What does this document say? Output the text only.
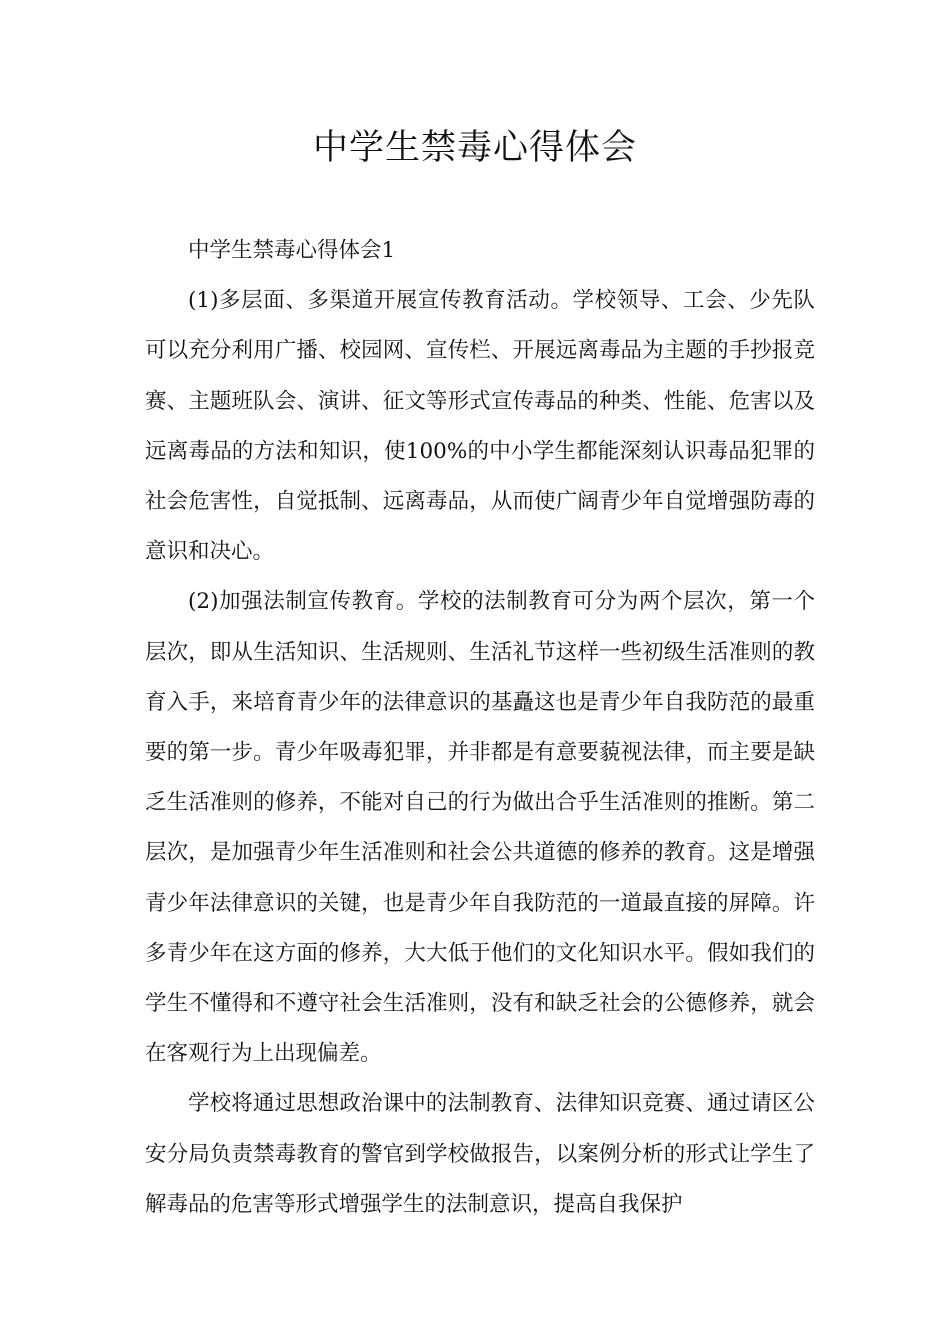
中学生禁毒心得体会

中学生禁毒心得体会1

(1)多层面、多渠道开展宣传教育活动。学校领导、工会、少先队可以充分利用广播、校园网、宣传栏、开展远离毒品为主题的手抄报竞赛、主题班队会、演讲、征文等形式宣传毒品的种类、性能、危害以及远离毒品的方法和知识，使100%的中小学生都能深刻认识毒品犯罪的社会危害性，自觉抵制、远离毒品，从而使广阔青少年自觉增强防毒的意识和决心。

(2)加强法制宣传教育。学校的法制教育可分为两个层次，第一个层次，即从生活知识、生活规则、生活礼节这样一些初级生活准则的教育入手，来培育青少年的法律意识的基矗这也是青少年自我防范的最重要的第一步。青少年吸毒犯罪，并非都是有意要藐视法律，而主要是缺乏生活准则的修养，不能对自己的行为做出合乎生活准则的推断。第二层次，是加强青少年生活准则和社会公共道德的修养的教育。这是增强青少年法律意识的关键，也是青少年自我防范的一道最直接的屏障。许多青少年在这方面的修养，大大低于他们的文化知识水平。假如我们的学生不懂得和不遵守社会生活准则，没有和缺乏社会的公德修养，就会在客观行为上出现偏差。

学校将通过思想政治课中的法制教育、法律知识竞赛、通过请区公安分局负责禁毒教育的警官到学校做报告，以案例分析的形式让学生了解毒品的危害等形式增强学生的法制意识，提高自我保护
